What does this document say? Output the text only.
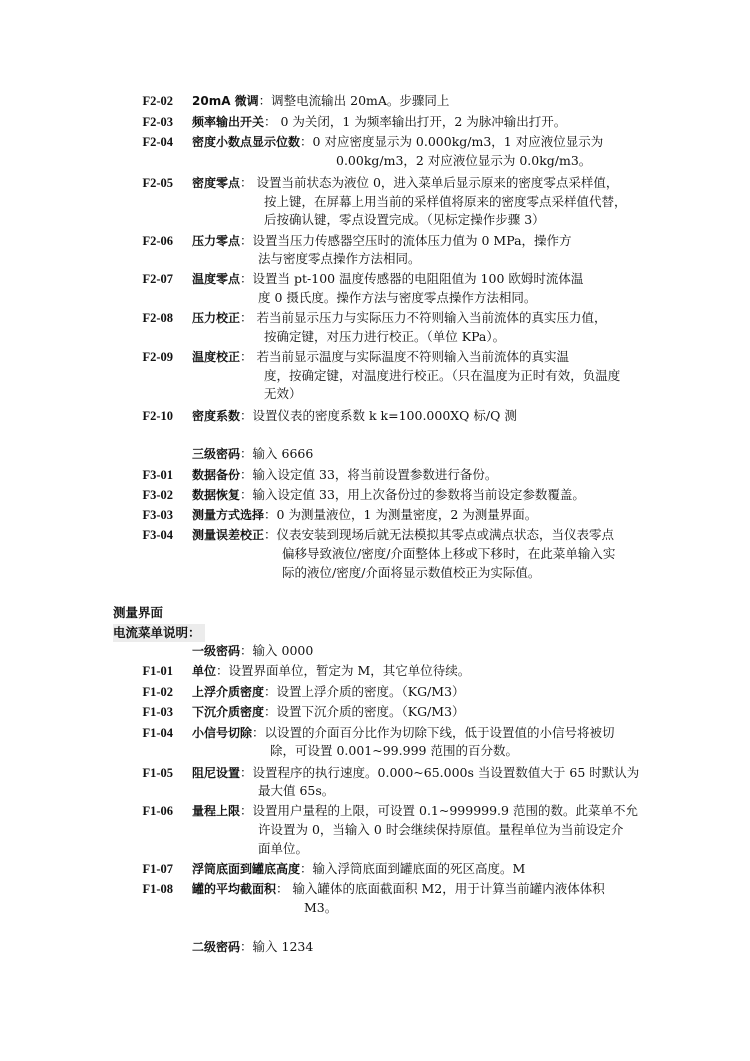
F2-02 20mA 微调：调整电流输出 20mA。步骤同上
F2-03 频率输出开关： 0 为关闭，1 为频率输出打开，2 为脉冲输出打开。
F2-04 密度小数点显示位数：0 对应密度显示为 0.000kg/m3，1 对应液位显示为
0.00kg/m3，2 对应液位显示为 0.0kg/m3。
F2-05 密度零点： 设置当前状态为液位 0，进入菜单后显示原来的密度零点采样值，
按上键，在屏幕上用当前的采样值将原来的密度零点采样值代替，
后按确认键，零点设置完成。（见标定操作步骤 3）
F2-06 压力零点：设置当压力传感器空压时的流体压力值为 0 MPa，操作方
法与密度零点操作方法相同。
F2-07 温度零点：设置当 pt-100 温度传感器的电阻阻值为 100 欧姆时流体温
度 0 摄氏度。操作方法与密度零点操作方法相同。
F2-08 压力校正： 若当前显示压力与实际压力不符则输入当前流体的真实压力值，
按确定键，对压力进行校正。（单位 KPa）。
F2-09 温度校正： 若当前显示温度与实际温度不符则输入当前流体的真实温
度，按确定键，对温度进行校正。（只在温度为正时有效，负温度
无效）
F2-10 密度系数：设置仪表的密度系数 k k=100.000XQ 标/Q 测
三级密码：输入 6666
F3-01 数据备份：输入设定值 33，将当前设置参数进行备份。
F3-02 数据恢复：输入设定值 33，用上次备份过的参数将当前设定参数覆盖。
F3-03 测量方式选择：0 为测量液位，1 为测量密度，2 为测量界面。
F3-04 测量误差校正：仪表安装到现场后就无法模拟其零点或满点状态，当仪表零点
偏移导致液位/密度/介面整体上移或下移时，在此菜单输入实
际的液位/密度/介面将显示数值校正为实际值。
测量界面
电流菜单说明：
一级密码：输入 0000
F1-01 单位：设置界面单位，暂定为 M，其它单位待续。
F1-02 上浮介质密度：设置上浮介质的密度。（KG/M3）
F1-03 下沉介质密度：设置下沉介质的密度。（KG/M3）
F1-04 小信号切除：以设置的介面百分比作为切除下线，低于设置值的小信号将被切
除，可设置 0.001~99.999 范围的百分数。
F1-05 阻尼设置：设置程序的执行速度。0.000~65.000s 当设置数值大于 65 时默认为
最大值 65s。
F1-06 量程上限：设置用户量程的上限，可设置 0.1~999999.9 范围的数。此菜单不允
许设置为 0，当输入 0 时会继续保持原值。量程单位为当前设定介
面单位。
F1-07 浮筒底面到罐底高度：输入浮筒底面到罐底面的死区高度。M
F1-08 罐的平均截面积： 输入罐体的底面截面积 M2，用于计算当前罐内液体体积
M3。
二级密码：输入 1234
